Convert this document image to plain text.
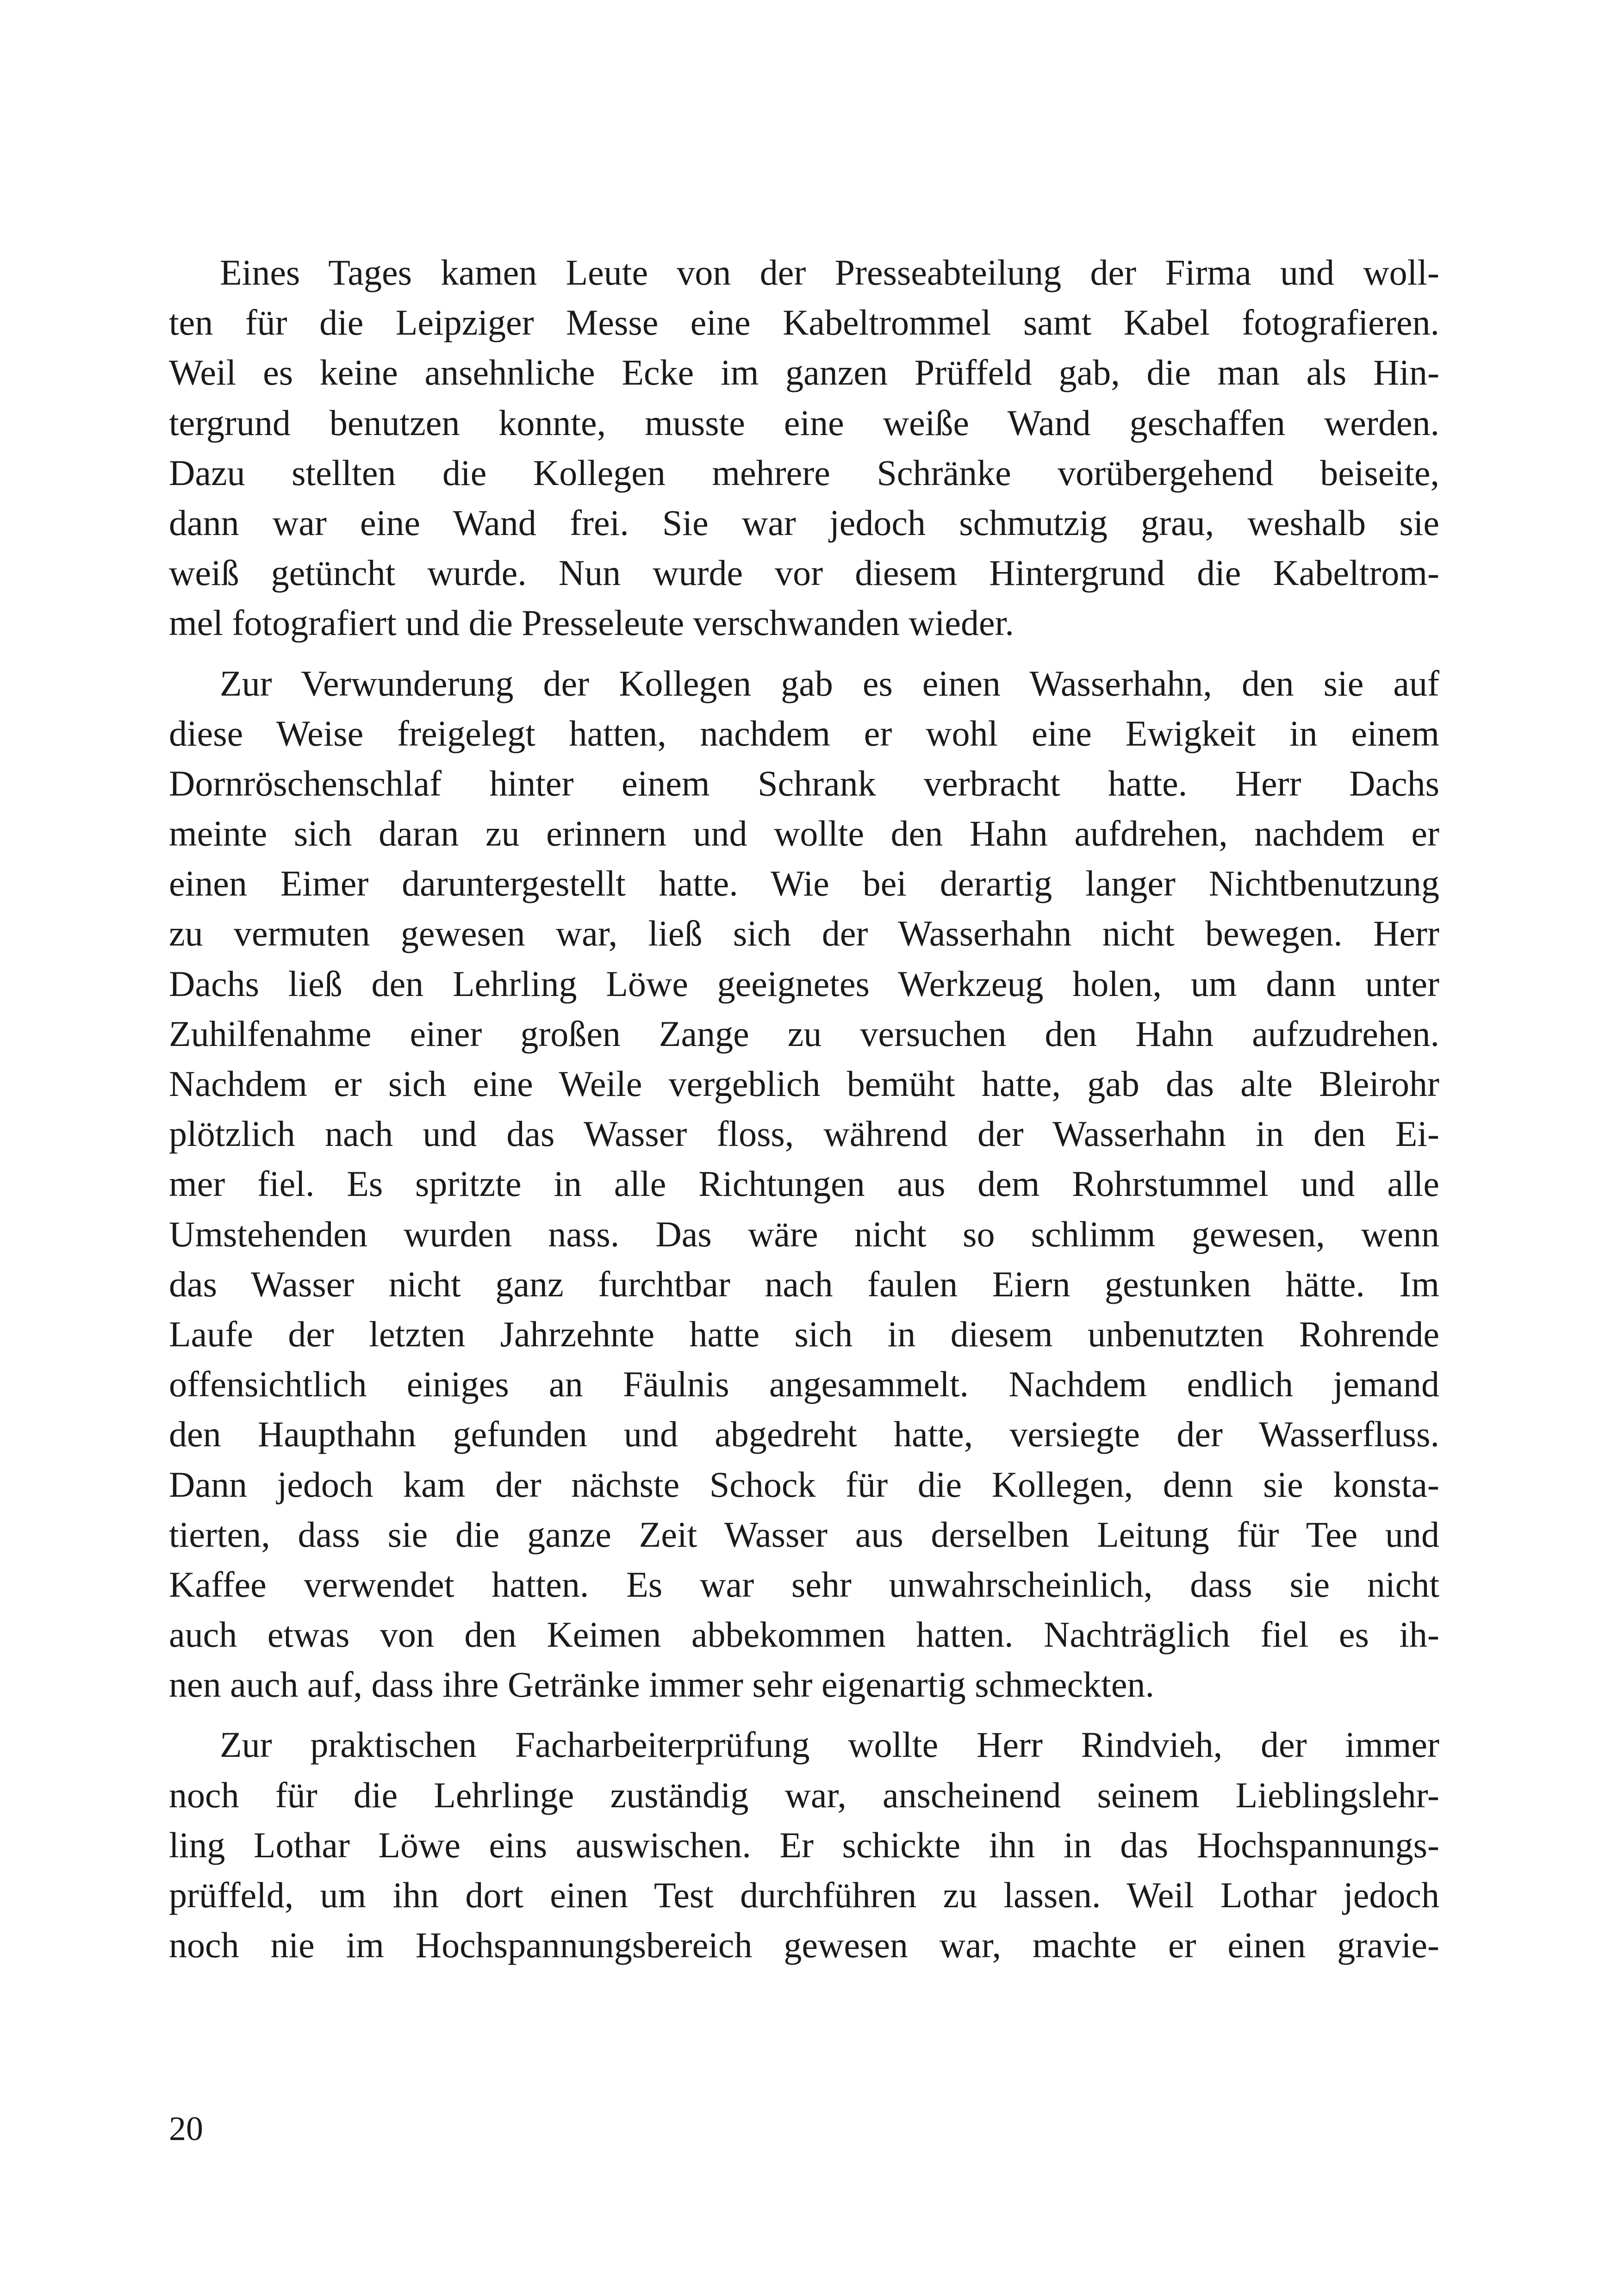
Eines Tages kamen Leute von der Presseabteilung der Firma und woll-
ten für die Leipziger Messe eine Kabeltrommel samt Kabel fotografieren.
Weil es keine ansehnliche Ecke im ganzen Prüffeld gab, die man als Hin-
tergrund benutzen konnte, musste eine weiße Wand geschaffen werden.
Dazu stellten die Kollegen mehrere Schränke vorübergehend beiseite,
dann war eine Wand frei. Sie war jedoch schmutzig grau, weshalb sie
weiß getüncht wurde. Nun wurde vor diesem Hintergrund die Kabeltrom-
mel fotografiert und die Presseleute verschwanden wieder.
Zur Verwunderung der Kollegen gab es einen Wasserhahn, den sie auf
diese Weise freigelegt hatten, nachdem er wohl eine Ewigkeit in einem
Dornröschenschlaf hinter einem Schrank verbracht hatte. Herr Dachs
meinte sich daran zu erinnern und wollte den Hahn aufdrehen, nachdem er
einen Eimer daruntergestellt hatte. Wie bei derartig langer Nichtbenutzung
zu vermuten gewesen war, ließ sich der Wasserhahn nicht bewegen. Herr
Dachs ließ den Lehrling Löwe geeignetes Werkzeug holen, um dann unter
Zuhilfenahme einer großen Zange zu versuchen den Hahn aufzudrehen.
Nachdem er sich eine Weile vergeblich bemüht hatte, gab das alte Bleirohr
plötzlich nach und das Wasser floss, während der Wasserhahn in den Ei-
mer fiel. Es spritzte in alle Richtungen aus dem Rohrstummel und alle
Umstehenden wurden nass. Das wäre nicht so schlimm gewesen, wenn
das Wasser nicht ganz furchtbar nach faulen Eiern gestunken hätte. Im
Laufe der letzten Jahrzehnte hatte sich in diesem unbenutzten Rohrende
offensichtlich einiges an Fäulnis angesammelt. Nachdem endlich jemand
den Haupthahn gefunden und abgedreht hatte, versiegte der Wasserfluss.
Dann jedoch kam der nächste Schock für die Kollegen, denn sie konsta-
tierten, dass sie die ganze Zeit Wasser aus derselben Leitung für Tee und
Kaffee verwendet hatten. Es war sehr unwahrscheinlich, dass sie nicht
auch etwas von den Keimen abbekommen hatten. Nachträglich fiel es ih-
nen auch auf, dass ihre Getränke immer sehr eigenartig schmeckten.
Zur praktischen Facharbeiterprüfung wollte Herr Rindvieh, der immer
noch für die Lehrlinge zuständig war, anscheinend seinem Lieblingslehr-
ling Lothar Löwe eins auswischen. Er schickte ihn in das Hochspannungs-
prüffeld, um ihn dort einen Test durchführen zu lassen. Weil Lothar jedoch
noch nie im Hochspannungsbereich gewesen war, machte er einen gravie-
20
